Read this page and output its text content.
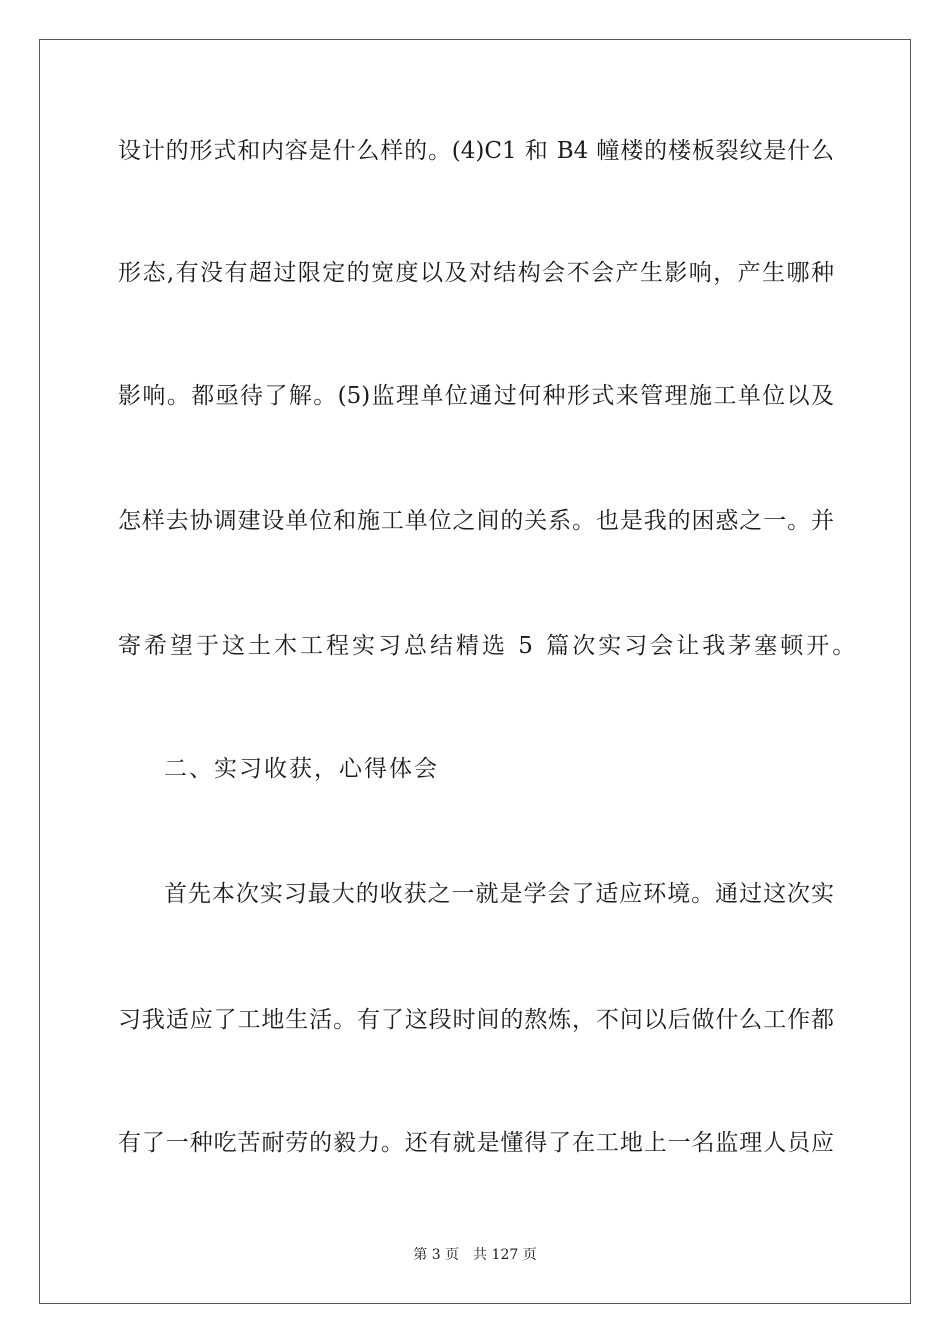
设计的形式和内容是什么样的。(4)C1 和 B4 幢楼的楼板裂纹是什么
形态,有没有超过限定的宽度以及对结构会不会产生影响，产生哪种
影响。都亟待了解。(5)监理单位通过何种形式来管理施工单位以及
怎样去协调建设单位和施工单位之间的关系。也是我的困惑之一。并
寄希望于这土木工程实习总结精选 5 篇次实习会让我茅塞顿开。
二、实习收获，心得体会
首先本次实习最大的收获之一就是学会了适应环境。通过这次实
习我适应了工地生活。有了这段时间的熬炼，不问以后做什么工作都
有了一种吃苦耐劳的毅力。还有就是懂得了在工地上一名监理人员应
第 3 页 共 127 页
